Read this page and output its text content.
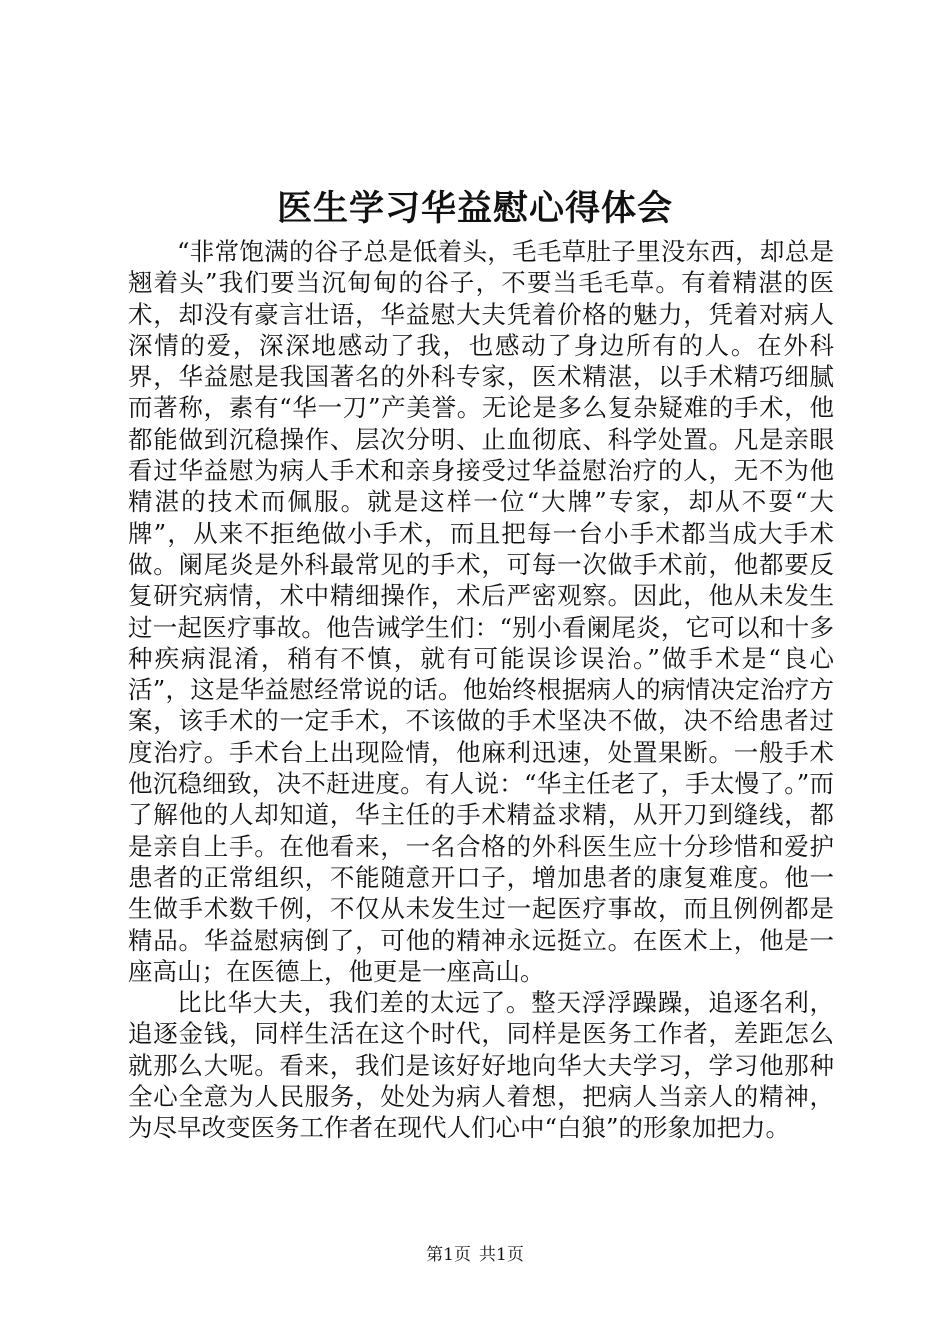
医生学习华益慰心得体会

“非常饱满的谷子总是低着头，毛毛草肚子里没东西，却总是翘着头”我们要当沉甸甸的谷子，不要当毛毛草。有着精湛的医术，却没有豪言壮语，华益慰大夫凭着价格的魅力，凭着对病人深情的爱，深深地感动了我，也感动了身边所有的人。在外科界，华益慰是我国著名的外科专家，医术精湛，以手术精巧细腻而著称，素有“华一刀”产美誉。无论是多么复杂疑难的手术，他都能做到沉稳操作、层次分明、止血彻底、科学处置。凡是亲眼看过华益慰为病人手术和亲身接受过华益慰治疗的人，无不为他精湛的技术而佩服。就是这样一位“大牌”专家，却从不耍“大牌”，从来不拒绝做小手术，而且把每一台小手术都当成大手术做。阑尾炎是外科最常见的手术，可每一次做手术前，他都要反复研究病情，术中精细操作，术后严密观察。因此，他从未发生过一起医疗事故。他告诫学生们：“别小看阑尾炎，它可以和十多种疾病混淆，稍有不慎，就有可能误诊误治。”做手术是“良心活”，这是华益慰经常说的话。他始终根据病人的病情决定治疗方案，该手术的一定手术，不该做的手术坚决不做，决不给患者过度治疗。手术台上出现险情，他麻利迅速，处置果断。一般手术他沉稳细致，决不赶进度。有人说：“华主任老了，手太慢了。”而了解他的人却知道，华主任的手术精益求精，从开刀到缝线，都是亲自上手。在他看来，一名合格的外科医生应十分珍惜和爱护患者的正常组织，不能随意开口子，增加患者的康复难度。他一生做手术数千例，不仅从未发生过一起医疗事故，而且例例都是精品。华益慰病倒了，可他的精神永远挺立。在医术上，他是一座高山；在医德上，他更是一座高山。

比比华大夫，我们差的太远了。整天浮浮躁躁，追逐名利，追逐金钱，同样生活在这个时代，同样是医务工作者，差距怎么就那么大呢。看来，我们是该好好地向华大夫学习，学习他那种全心全意为人民服务，处处为病人着想，把病人当亲人的精神，为尽早改变医务工作者在现代人们心中“白狼”的形象加把力。

第1页 共1页
